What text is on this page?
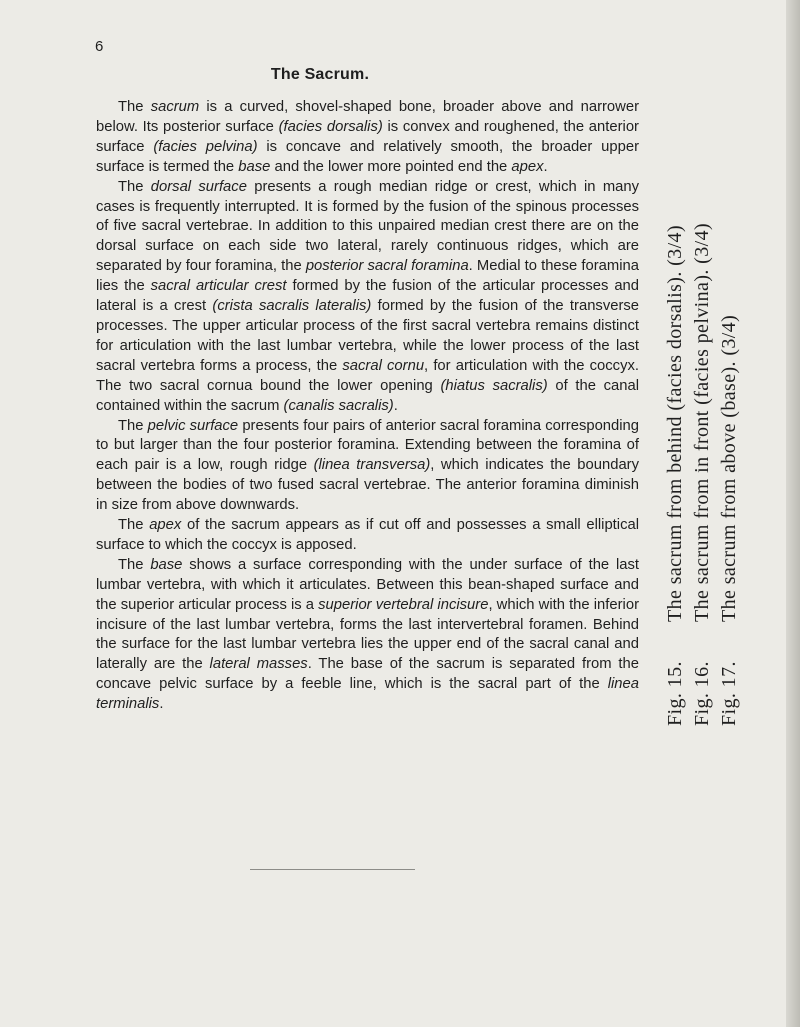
6
The Sacrum.

The sacrum is a curved, shovel-shaped bone, broader above and narrower below. Its posterior surface (facies dorsalis) is convex and roughened, the anterior surface (facies pelvina) is concave and relatively smooth, the broader upper surface is termed the base and the lower more pointed end the apex.

The dorsal surface presents a rough median ridge or crest, which in many cases is frequently interrupted. It is formed by the fusion of the spinous processes of five sacral vertebrae. In addition to this unpaired median crest there are on the dorsal surface on each side two lateral, rarely continuous ridges, which are separated by four foramina, the posterior sacral foramina. Medial to these foramina lies the sacral articular crest formed by the fusion of the articular processes and lateral is a crest (crista sacralis lateralis) formed by the fusion of the transverse processes. The upper articular process of the first sacral vertebra remains distinct for articulation with the last lumbar vertebra, while the lower process of the last sacral vertebra forms a process, the sacral cornu, for articulation with the coccyx. The two sacral cornua bound the lower opening (hiatus sacralis) of the canal contained within the sacrum (canalis sacralis).

The pelvic surface presents four pairs of anterior sacral foramina corresponding to but larger than the four posterior foramina. Extending between the foramina of each pair is a low, rough ridge (linea transversa), which indicates the boundary between the bodies of two fused sacral vertebrae. The anterior foramina diminish in size from above downwards.

The apex of the sacrum appears as if cut off and possesses a small elliptical surface to which the coccyx is apposed.

The base shows a surface corresponding with the under surface of the last lumbar vertebra, with which it articulates. Between this bean-shaped surface and the superior articular process is a superior vertebral incisure, which with the inferior incisure of the last lumbar vertebra, forms the last intervertebral foramen. Behind the surface for the last lumbar vertebra lies the upper end of the sacral canal and laterally are the lateral masses. The base of the sacrum is separated from the concave pelvic surface by a feeble line, which is the sacral part of the linea terminalis.	Fig. 15.The sacrum from behind (facies dorsalis). (3/4)
Fig. 16.The sacrum from in front (facies pelvina). (3/4)
Fig. 17.The sacrum from above (base). (3/4)
